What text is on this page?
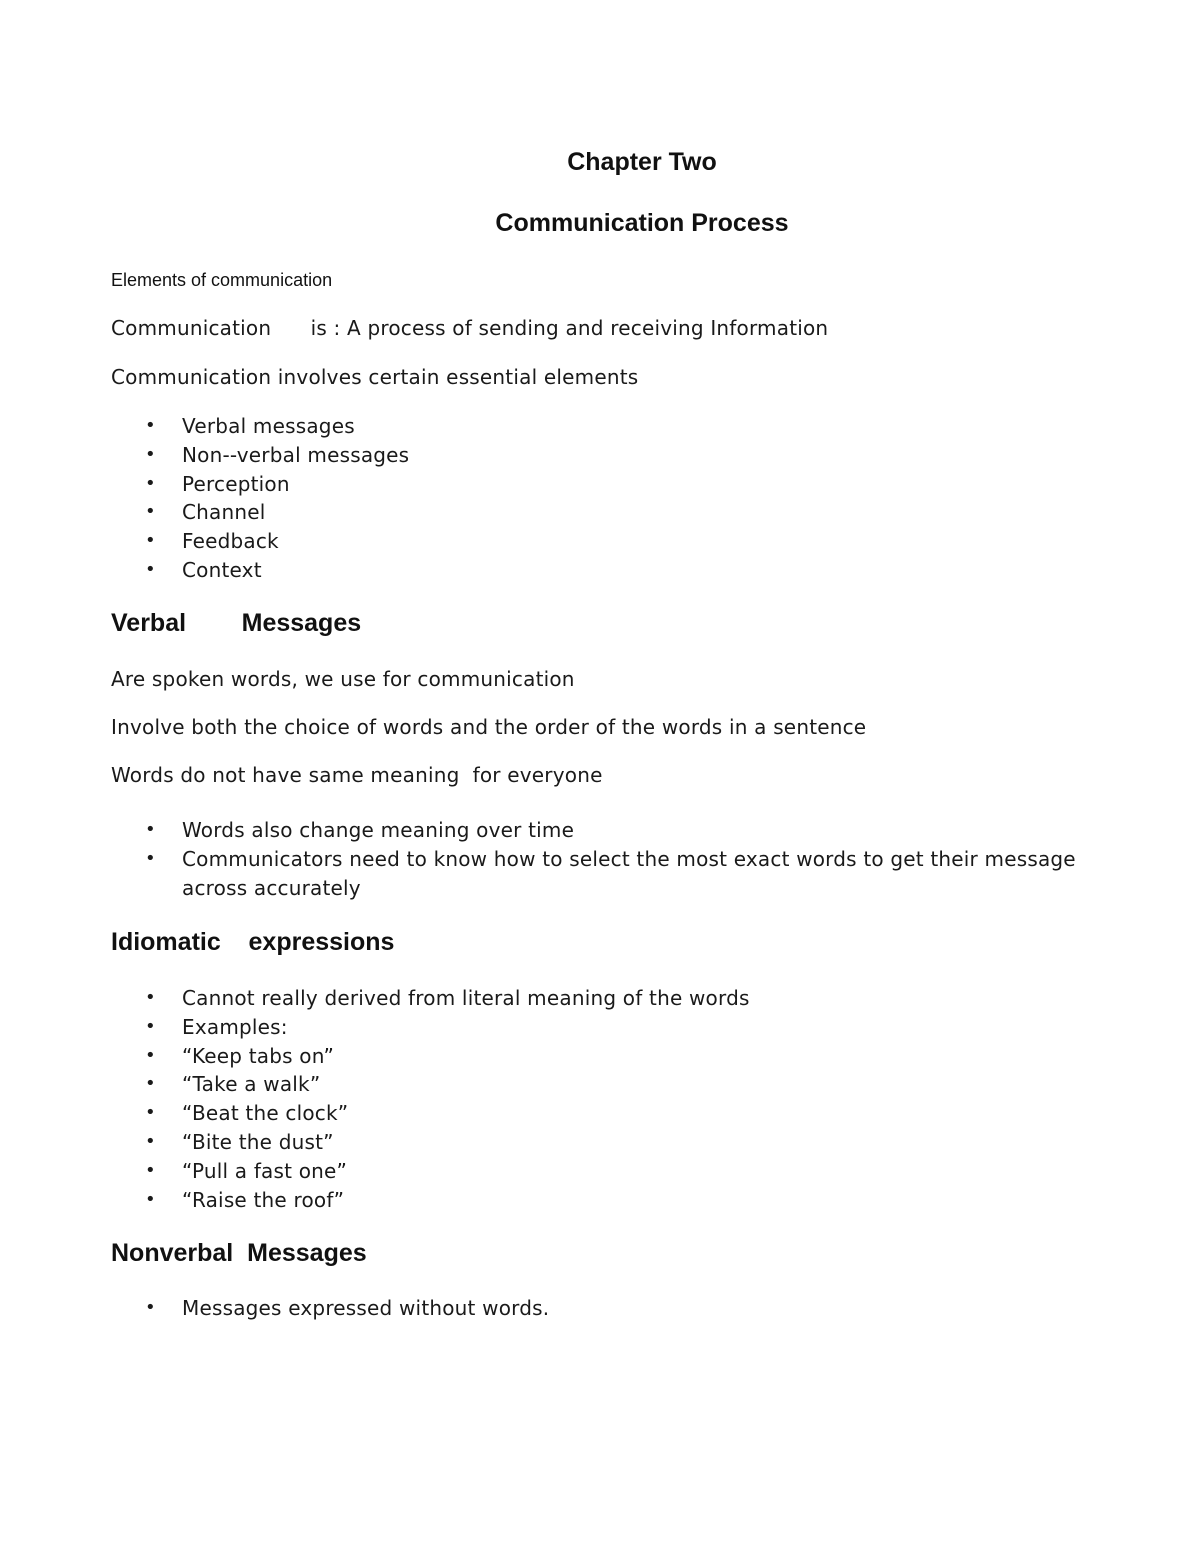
Chapter Two
Communication Process
Elements of communication
Communication      is : A process of sending and receiving Information
Communication involves certain essential elements
• Verbal messages
• Non--verbal messages
• Perception
• Channel
• Feedback
• Context
Verbal        Messages
Are spoken words, we use for communication
Involve both the choice of words and the order of the words in a sentence
Words do not have same meaning  for everyone
• Words also change meaning over time
• Communicators need to know how to select the most exact words to get their message across accurately
Idiomatic    expressions
• Cannot really derived from literal meaning of the words
• Examples:
• “Keep tabs on”
• “Take a walk”
• “Beat the clock”
• “Bite the dust”
• “Pull a fast one”
• “Raise the roof”
Nonverbal  Messages
• Messages expressed without words.
